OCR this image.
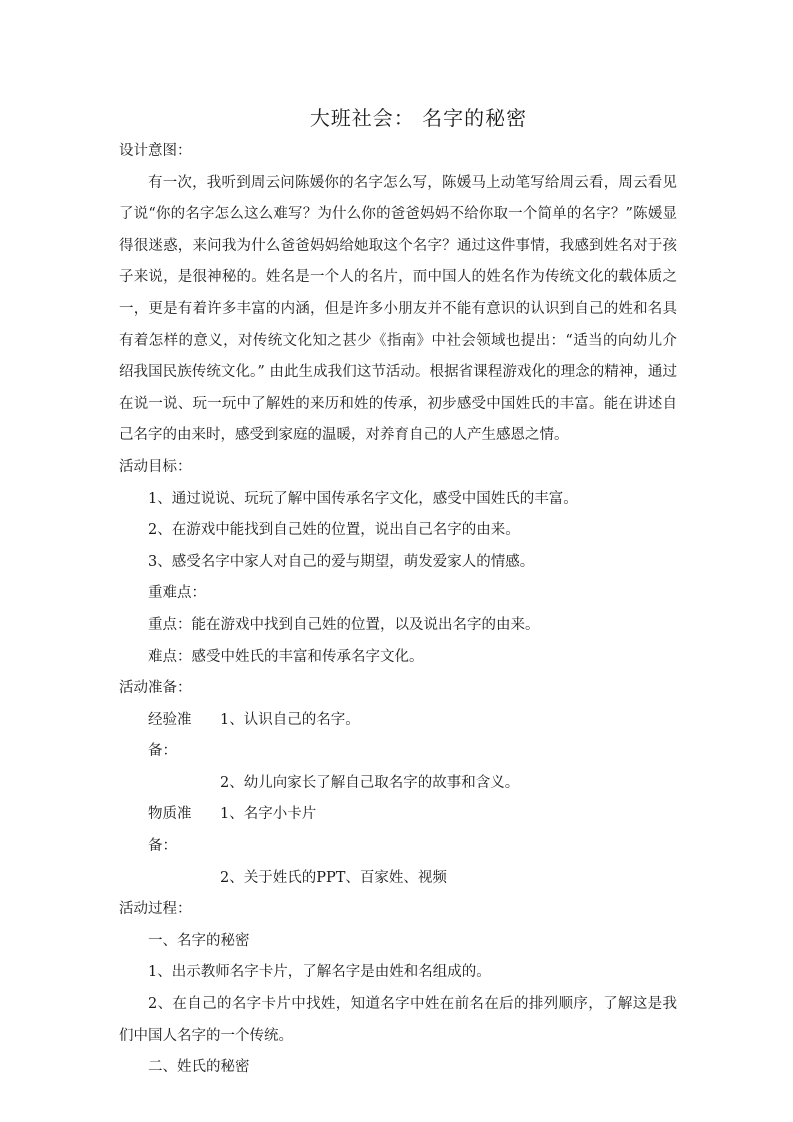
大班社会： 名字的秘密

设计意图：

有一次，我听到周云问陈媛你的名字怎么写，陈媛马上动笔写给周云看，周云看见了说“你的名字怎么这么难写？为什么你的爸爸妈妈不给你取一个简单的名字？”陈媛显得很迷惑，来问我为什么爸爸妈妈给她取这个名字？通过这件事情，我感到姓名对于孩子来说，是很神秘的。姓名是一个人的名片，而中国人的姓名作为传统文化的载体质之一，更是有着许多丰富的内涵，但是许多小朋友并不能有意识的认识到自己的姓和名具有着怎样的意义，对传统文化知之甚少《指南》中社会领域也提出：“适当的向幼儿介绍我国民族传统文化。” 由此生成我们这节活动。根据省课程游戏化的理念的精神，通过在说一说、玩一玩中了解姓的来历和姓的传承，初步感受中国姓氏的丰富。能在讲述自己名字的由来时，感受到家庭的温暖，对养育自己的人产生感恩之情。

活动目标：

1、通过说说、玩玩了解中国传承名字文化，感受中国姓氏的丰富。

2、在游戏中能找到自己姓的位置，说出自己名字的由来。

3、感受名字中家人对自己的爱与期望，萌发爱家人的情感。

重难点：

重点：能在游戏中找到自己姓的位置，以及说出名字的由来。

难点：感受中姓氏的丰富和传承名字文化。

活动准备：

经验准备：
1、认识自己的名字。

2、幼儿向家长了解自己取名字的故事和含义。

物质准备：
1、名字小卡片

2、关于姓氏的PPT、百家姓、视频

活动过程：

一、名字的秘密

1、出示教师名字卡片，了解名字是由姓和名组成的。

2、在自己的名字卡片中找姓，知道名字中姓在前名在后的排列顺序，了解这是我们中国人名字的一个传统。

二、姓氏的秘密
